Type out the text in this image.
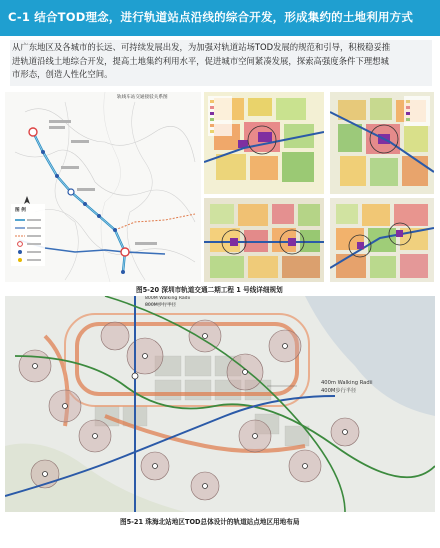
C-1 结合TOD理念，进行轨道站点沿线的综合开发，形成集约的土地利用方式
从广东地区及各城市的长远、可持续发展出发，为加强对轨道站场TOD发展的规范和引导，积极稳妥推
进轨道沿线土地综合开发，提高土地集约利用水平，促进城市空间紧凑发展，探索高强度条件下理想城
市形态，创造人性化空间。
轨线车站交通接驳关系图
图 例
图5-20 深圳市轨道交通二期工程 1 号线详细规划
800M Walking Radii
800M步行半径
400m Walking Radii
400M步行半径
图5-21 珠海北站地区TOD总体设计的轨道站点地区用地布局
